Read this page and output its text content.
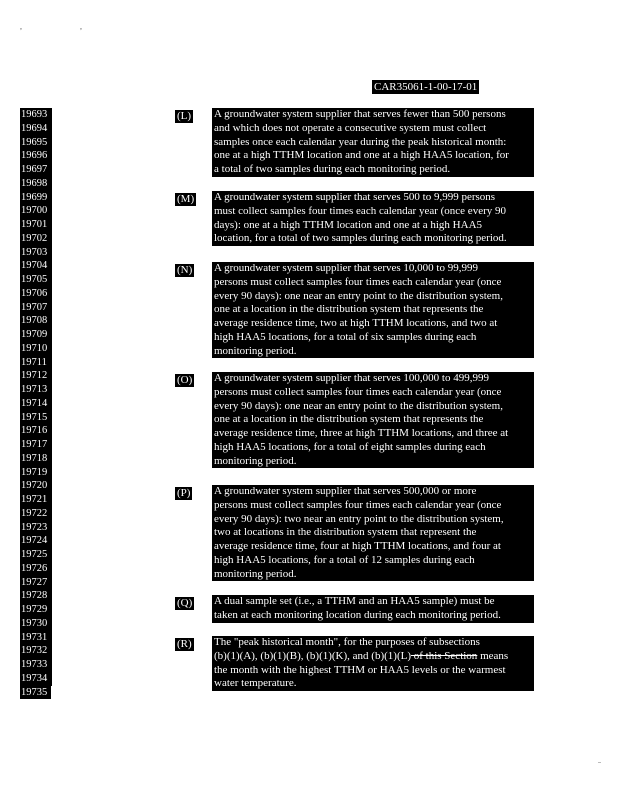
, ,
CAR35061-1-00-17-01
19693
19694
19695
19696
19697
19698
19699
19700
19701
19702
19703
19704
19705
19706
19707
19708
19709
19710
19711
19712
19713
19714
19715
19716
19717
19718
19719
19720
19721
19722
19723
19724
19725
19726
19727
19728
19729
19730
19731
19732
19733
19734
19735
(L) A groundwater system supplier that serves fewer than 500 persons

and which does not operate a consecutive system must collect

samples once each calendar year during the peak historical month:

one at a high TTHM location and one at a high HAA5 location, for

a total of two samples during each monitoring period.

(M) A groundwater system supplier that serves 500 to 9,999 persons

must collect samples four times each calendar year (once every 90

days): one at a high TTHM location and one at a high HAA5

location, for a total of two samples during each monitoring period.

(N) A groundwater system supplier that serves 10,000 to 99,999

persons must collect samples four times each calendar year (once

every 90 days): one near an entry point to the distribution system,

one at a location in the distribution system that represents the

average residence time, two at high TTHM locations, and two at

high HAA5 locations, for a total of six samples during each

monitoring period.

(O) A groundwater system supplier that serves 100,000 to 499,999

persons must collect samples four times each calendar year (once

every 90 days): one near an entry point to the distribution system,

one at a location in the distribution system that represents the

average residence time, three at high TTHM locations, and three at

high HAA5 locations, for a total of eight samples during each

monitoring period.

(P) A groundwater system supplier that serves 500,000 or more

persons must collect samples four times each calendar year (once

every 90 days): two near an entry point to the distribution system,

two at locations in the distribution system that represent the

average residence time, four at high TTHM locations, and four at

high HAA5 locations, for a total of 12 samples during each

monitoring period.

(Q) A dual sample set (i.e., a TTHM and an HAA5 sample) must be

taken at each monitoring location during each monitoring period.

(R) The "peak historical month", for the purposes of subsections

(b)(1)(A), (b)(1)(B), (b)(1)(K), and (b)(1)(L) of this Section means

the month with the highest TTHM or HAA5 levels or the warmest

water temperature.
